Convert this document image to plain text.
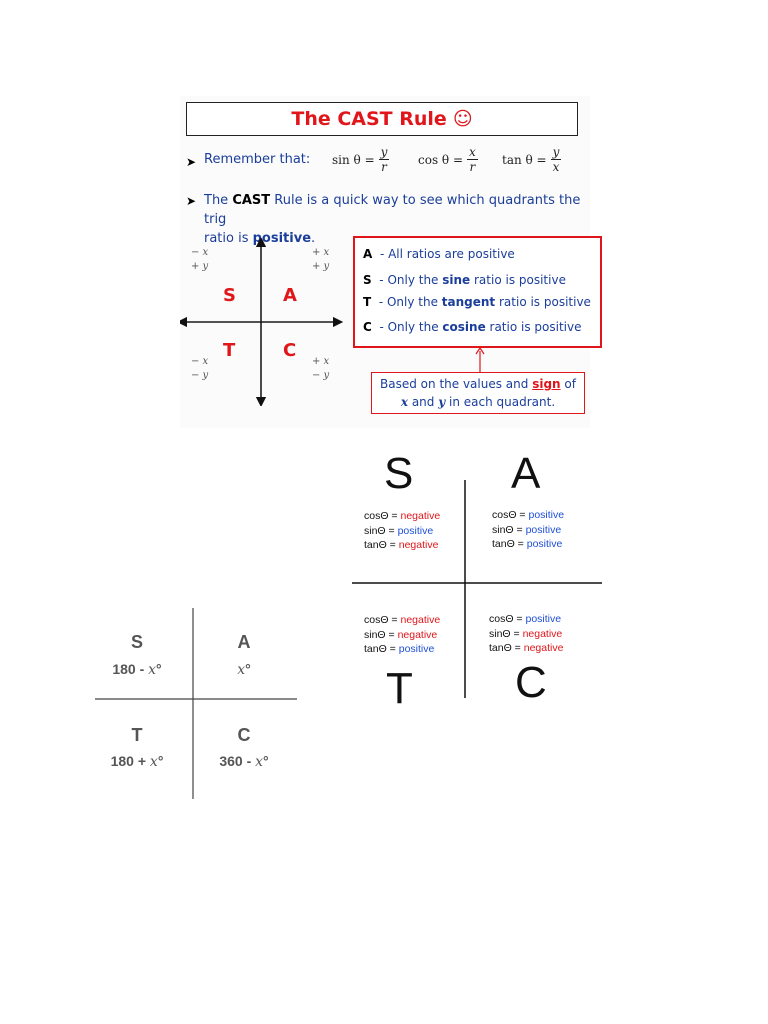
The CAST Rule ☺
➤ Remember that: $\sin \theta = \frac{y}{r}$ $\cos \theta = \frac{x}{r}$ $\tan \theta = \frac{y}{x}$
➤ The CAST Rule is a quick way to see which quadrants the trig
ratio is positive.
− x
+ y
+ x
+ y
− x
− y
+ x
− y
S	A
T	C
A - All ratios are positive
S - Only the sine ratio is positive
T - Only the tangent ratio is positive
C - Only the cosine ratio is positive
Based on the values and sign of
x and y in each quadrant.
S A
T C
cosΘ = negative
sinΘ = positive
tanΘ = negative
cosΘ = positive
sinΘ = positive
tanΘ = positive
cosΘ = negative
sinΘ = negative
tanΘ = positive
cosΘ = positive
sinΘ = negative
tanΘ = negative
S
180 - x°
A
x°
T
180 + x°
C
360 - x°
